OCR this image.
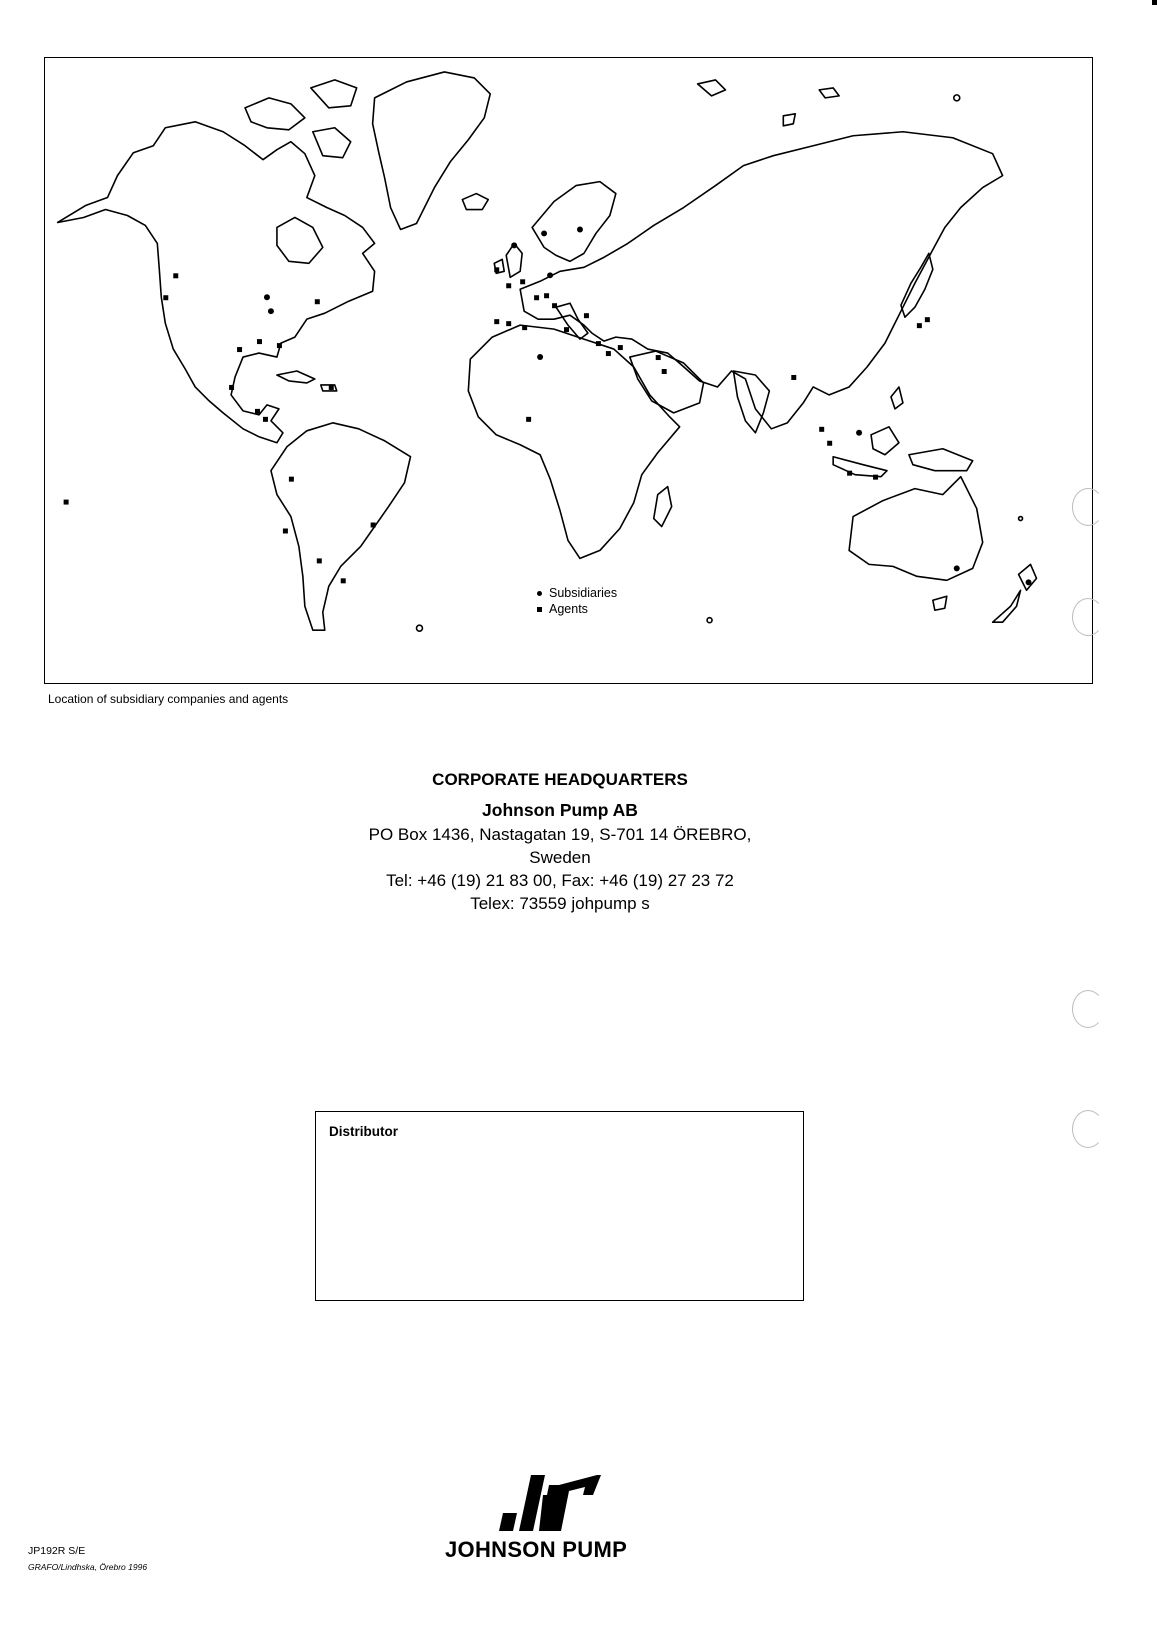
Subsidiaries
Agents
Location of subsidiary companies and agents
CORPORATE HEADQUARTERS
Johnson Pump AB
PO Box 1436, Nastagatan 19, S-701 14 ÖREBRO,
Sweden
Tel: +46 (19) 21 83 00, Fax: +46 (19) 27 23 72
Telex: 73559 johpump s
Distributor
JOHNSON PUMP
JP192R S/E
GRAFO/Lindhska, Örebro 1996
